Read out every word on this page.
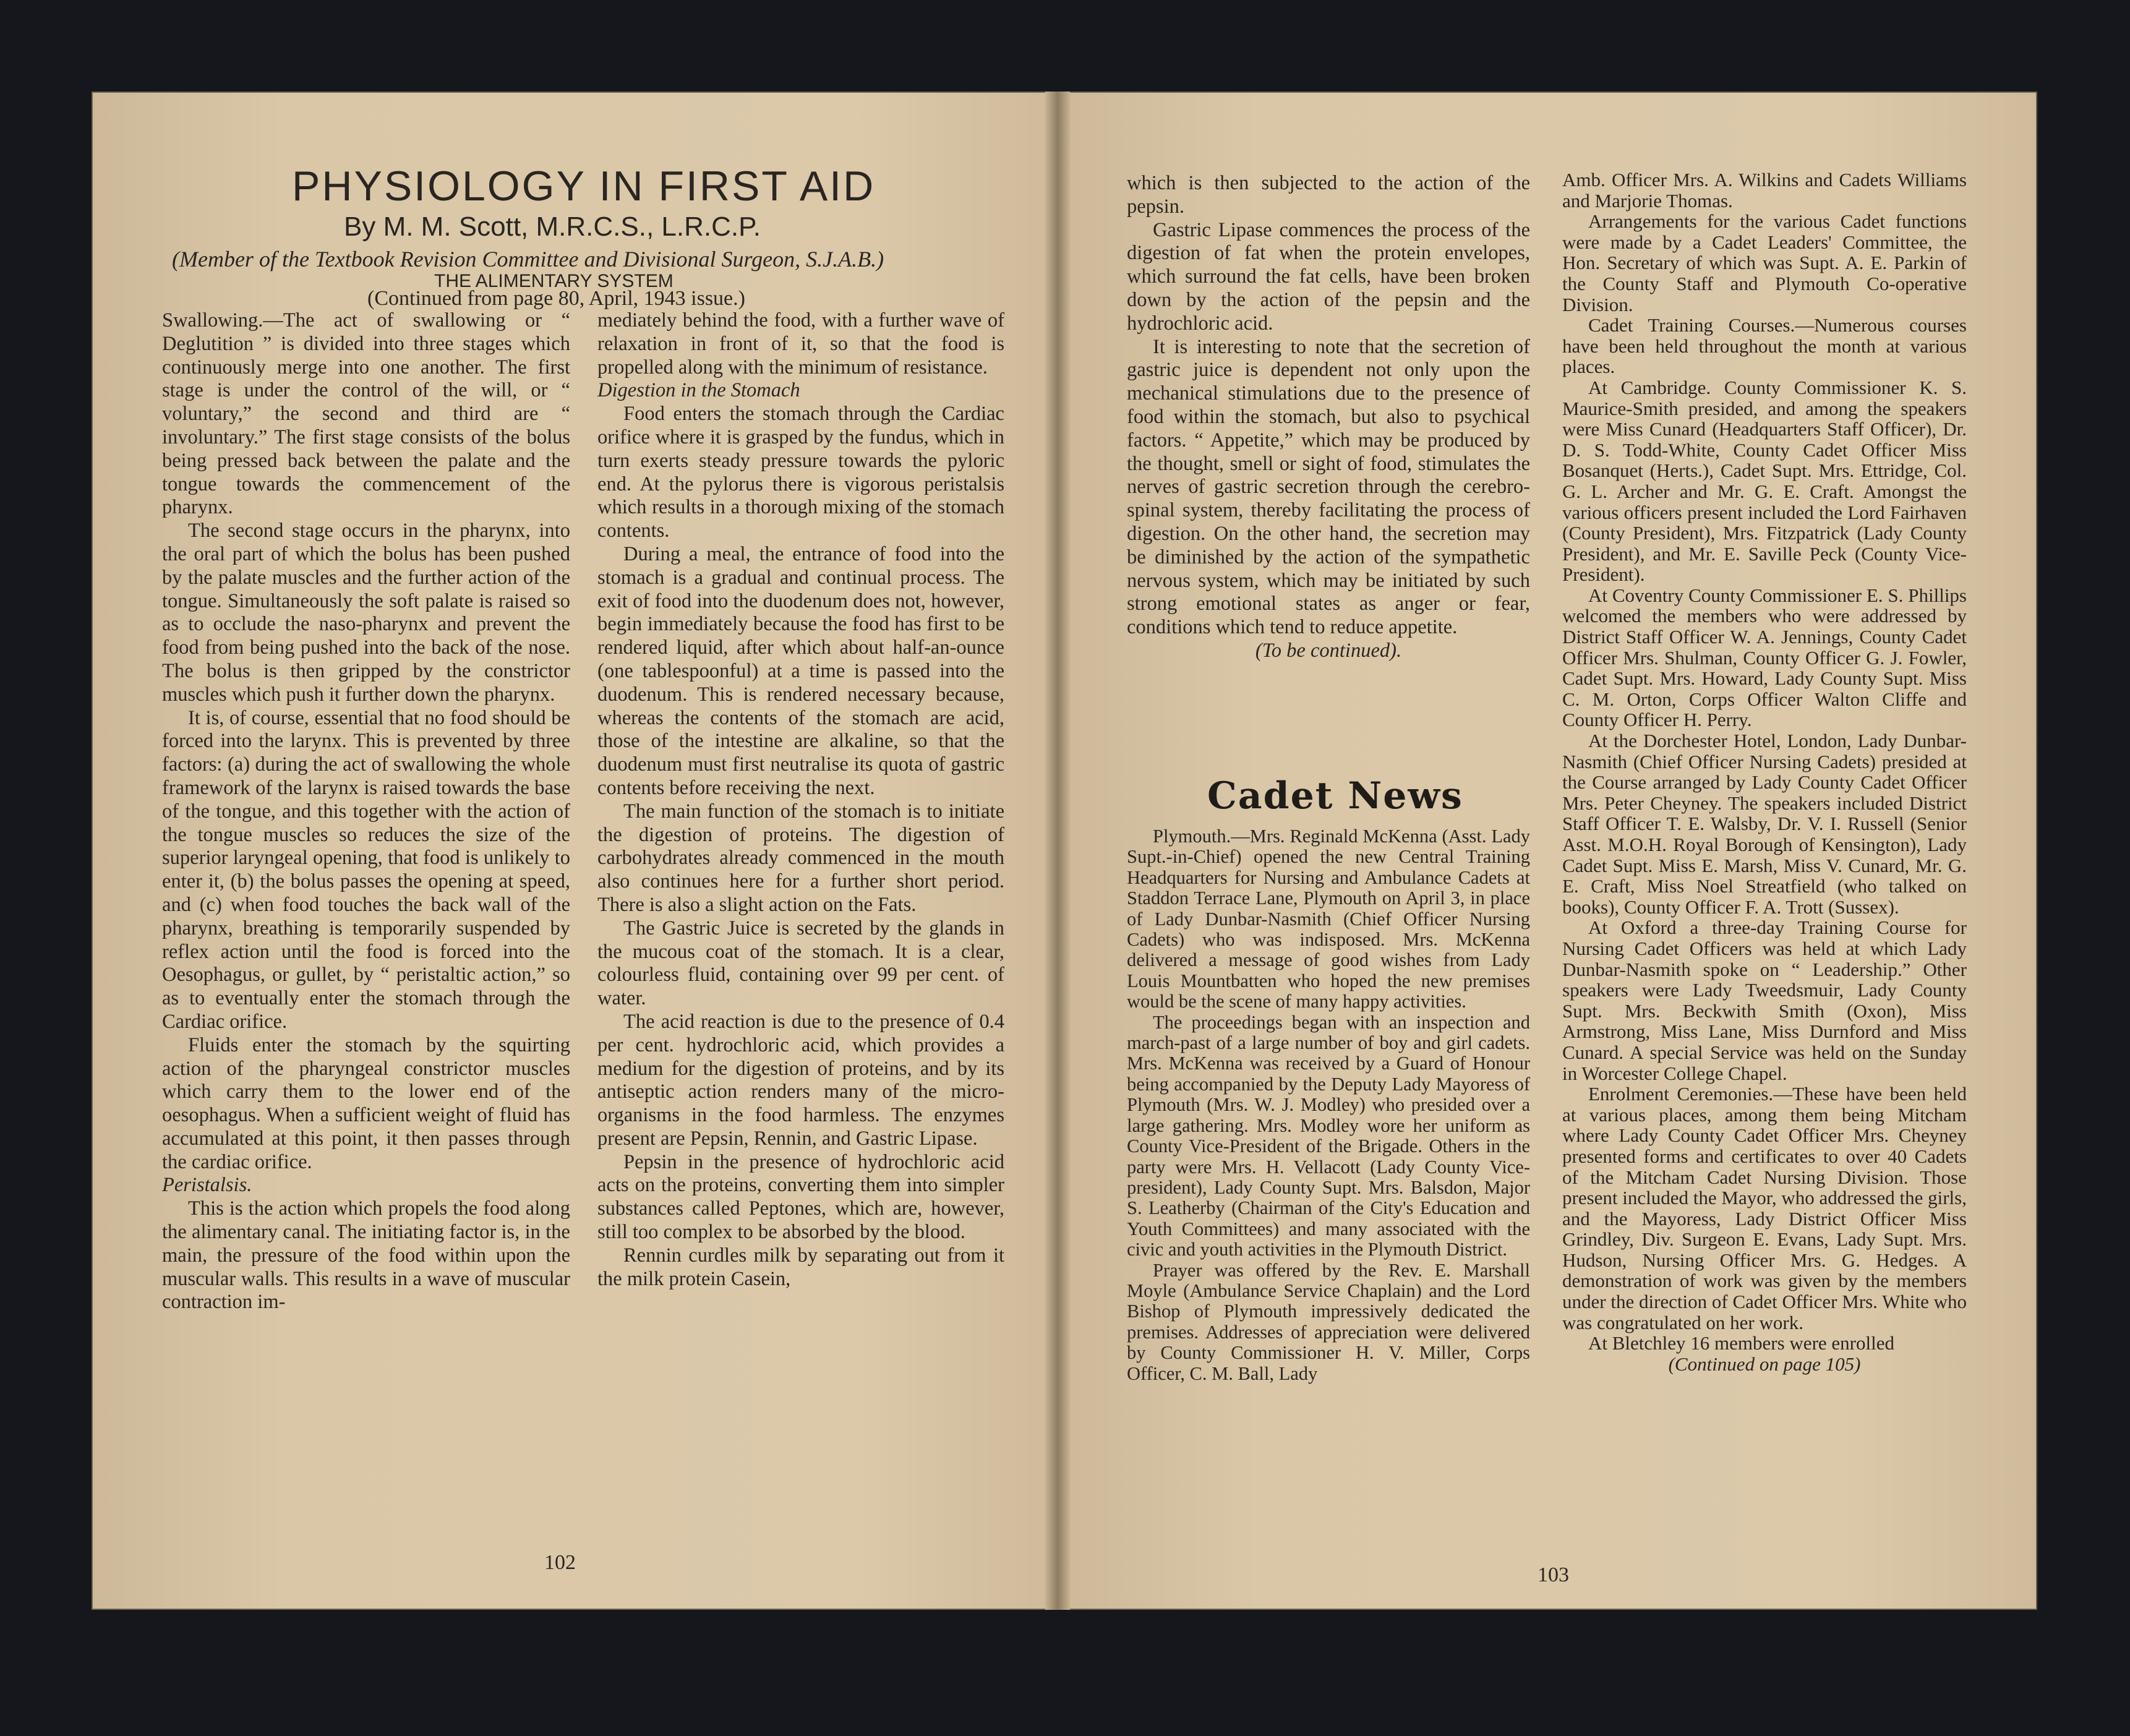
PHYSIOLOGY IN FIRST AID
By M. M. Scott, M.R.C.S., L.R.C.P.
(Member of the Textbook Revision Committee and Divisional Surgeon, S.J.A.B.)
THE ALIMENTARY SYSTEM
(Continued from page 80, April, 1943 issue.)

Swallowing.—The act of swallowing or “ Deglutition ” is divided into three stages which continuously merge into one another. The first stage is under the control of the will, or “ voluntary,” the second and third are “ involuntary.” The first stage consists of the bolus being pressed back between the palate and the tongue towards the commencement of the pharynx.

The second stage occurs in the pharynx, into the oral part of which the bolus has been pushed by the palate muscles and the further action of the tongue. Simultaneously the soft palate is raised so as to occlude the naso-pharynx and prevent the food from being pushed into the back of the nose. The bolus is then gripped by the constrictor muscles which push it further down the pharynx.

It is, of course, essential that no food should be forced into the larynx. This is prevented by three factors: (a) during the act of swallowing the whole framework of the larynx is raised towards the base of the tongue, and this together with the action of the tongue muscles so reduces the size of the superior laryngeal opening, that food is unlikely to enter it, (b) the bolus passes the opening at speed, and (c) when food touches the back wall of the pharynx, breathing is temporarily suspended by reflex action until the food is forced into the Oesophagus, or gullet, by “ peristaltic action,” so as to eventually enter the stomach through the Cardiac orifice.

Fluids enter the stomach by the squirting action of the pharyngeal constrictor muscles which carry them to the lower end of the oesophagus. When a sufficient weight of fluid has accumulated at this point, it then passes through the cardiac orifice.

Peristalsis.

This is the action which propels the food along the alimentary canal. The initiating factor is, in the main, the pressure of the food within upon the muscular walls. This results in a wave of muscular contraction im-

mediately behind the food, with a further wave of relaxation in front of it, so that the food is propelled along with the minimum of resistance.

Digestion in the Stomach

Food enters the stomach through the Cardiac orifice where it is grasped by the fundus, which in turn exerts steady pressure towards the pyloric end. At the pylorus there is vigorous peristalsis which results in a thorough mixing of the stomach contents.

During a meal, the entrance of food into the stomach is a gradual and continual process. The exit of food into the duodenum does not, however, begin immediately because the food has first to be rendered liquid, after which about half-an-ounce (one tablespoonful) at a time is passed into the duodenum. This is rendered necessary because, whereas the contents of the stomach are acid, those of the intestine are alkaline, so that the duodenum must first neutralise its quota of gastric contents before receiving the next.

The main function of the stomach is to initiate the digestion of proteins. The digestion of carbohydrates already commenced in the mouth also continues here for a further short period. There is also a slight action on the Fats.

The Gastric Juice is secreted by the glands in the mucous coat of the stomach. It is a clear, colourless fluid, containing over 99 per cent. of water.

The acid reaction is due to the presence of 0.4 per cent. hydrochloric acid, which provides a medium for the digestion of proteins, and by its antiseptic action renders many of the micro-organisms in the food harmless. The enzymes present are Pepsin, Rennin, and Gastric Lipase.

Pepsin in the presence of hydrochloric acid acts on the proteins, converting them into simpler substances called Peptones, which are, however, still too complex to be absorbed by the blood.

Rennin curdles milk by separating out from it the milk protein Casein,

102

which is then subjected to the action of the pepsin.

Gastric Lipase commences the process of the digestion of fat when the protein envelopes, which surround the fat cells, have been broken down by the action of the pepsin and the hydrochloric acid.

It is interesting to note that the secretion of gastric juice is dependent not only upon the mechanical stimulations due to the presence of food within the stomach, but also to psychical factors. “ Appetite,” which may be produced by the thought, smell or sight of food, stimulates the nerves of gastric secretion through the cerebro-spinal system, thereby facilitating the process of digestion. On the other hand, the secretion may be diminished by the action of the sympathetic nervous system, which may be initiated by such strong emotional states as anger or fear, conditions which tend to reduce appetite.

(To be continued).

Cadet News

Plymouth.—Mrs. Reginald McKenna (Asst. Lady Supt.-in-Chief) opened the new Central Training Headquarters for Nursing and Ambulance Cadets at Staddon Terrace Lane, Plymouth on April 3, in place of Lady Dunbar-Nasmith (Chief Officer Nursing Cadets) who was indisposed. Mrs. McKenna delivered a message of good wishes from Lady Louis Mountbatten who hoped the new premises would be the scene of many happy activities.

The proceedings began with an inspection and march-past of a large number of boy and girl cadets. Mrs. McKenna was received by a Guard of Honour being accompanied by the Deputy Lady Mayoress of Plymouth (Mrs. W. J. Modley) who presided over a large gathering. Mrs. Modley wore her uniform as County Vice-President of the Brigade. Others in the party were Mrs. H. Vellacott (Lady County Vice-president), Lady County Supt. Mrs. Balsdon, Major S. Leatherby (Chairman of the City's Education and Youth Committees) and many associated with the civic and youth activities in the Plymouth District.

Prayer was offered by the Rev. E. Marshall Moyle (Ambulance Service Chaplain) and the Lord Bishop of Plymouth impressively dedicated the premises. Addresses of appreciation were delivered by County Commissioner H. V. Miller, Corps Officer, C. M. Ball, Lady

Amb. Officer Mrs. A. Wilkins and Cadets Williams and Marjorie Thomas.

Arrangements for the various Cadet functions were made by a Cadet Leaders' Committee, the Hon. Secretary of which was Supt. A. E. Parkin of the County Staff and Plymouth Co-operative Division.

Cadet Training Courses.—Numerous courses have been held throughout the month at various places.

At Cambridge. County Commissioner K. S. Maurice-Smith presided, and among the speakers were Miss Cunard (Headquarters Staff Officer), Dr. D. S. Todd-White, County Cadet Officer Miss Bosanquet (Herts.), Cadet Supt. Mrs. Ettridge, Col. G. L. Archer and Mr. G. E. Craft. Amongst the various officers present included the Lord Fairhaven (County President), Mrs. Fitzpatrick (Lady County President), and Mr. E. Saville Peck (County Vice-President).

At Coventry County Commissioner E. S. Phillips welcomed the members who were addressed by District Staff Officer W. A. Jennings, County Cadet Officer Mrs. Shulman, County Officer G. J. Fowler, Cadet Supt. Mrs. Howard, Lady County Supt. Miss C. M. Orton, Corps Officer Walton Cliffe and County Officer H. Perry.

At the Dorchester Hotel, London, Lady Dunbar-Nasmith (Chief Officer Nursing Cadets) presided at the Course arranged by Lady County Cadet Officer Mrs. Peter Cheyney. The speakers included District Staff Officer T. E. Walsby, Dr. V. I. Russell (Senior Asst. M.O.H. Royal Borough of Kensington), Lady Cadet Supt. Miss E. Marsh, Miss V. Cunard, Mr. G. E. Craft, Miss Noel Streatfield (who talked on books), County Officer F. A. Trott (Sussex).

At Oxford a three-day Training Course for Nursing Cadet Officers was held at which Lady Dunbar-Nasmith spoke on “ Leadership.” Other speakers were Lady Tweedsmuir, Lady County Supt. Mrs. Beckwith Smith (Oxon), Miss Armstrong, Miss Lane, Miss Durnford and Miss Cunard. A special Service was held on the Sunday in Worcester College Chapel.

Enrolment Ceremonies.—These have been held at various places, among them being Mitcham where Lady County Cadet Officer Mrs. Cheyney presented forms and certificates to over 40 Cadets of the Mitcham Cadet Nursing Division. Those present included the Mayor, who addressed the girls, and the Mayoress, Lady District Officer Miss Grindley, Div. Surgeon E. Evans, Lady Supt. Mrs. Hudson, Nursing Officer Mrs. G. Hedges. A demonstration of work was given by the members under the direction of Cadet Officer Mrs. White who was congratulated on her work.

At Bletchley 16 members were enrolled

(Continued on page 105)

103
